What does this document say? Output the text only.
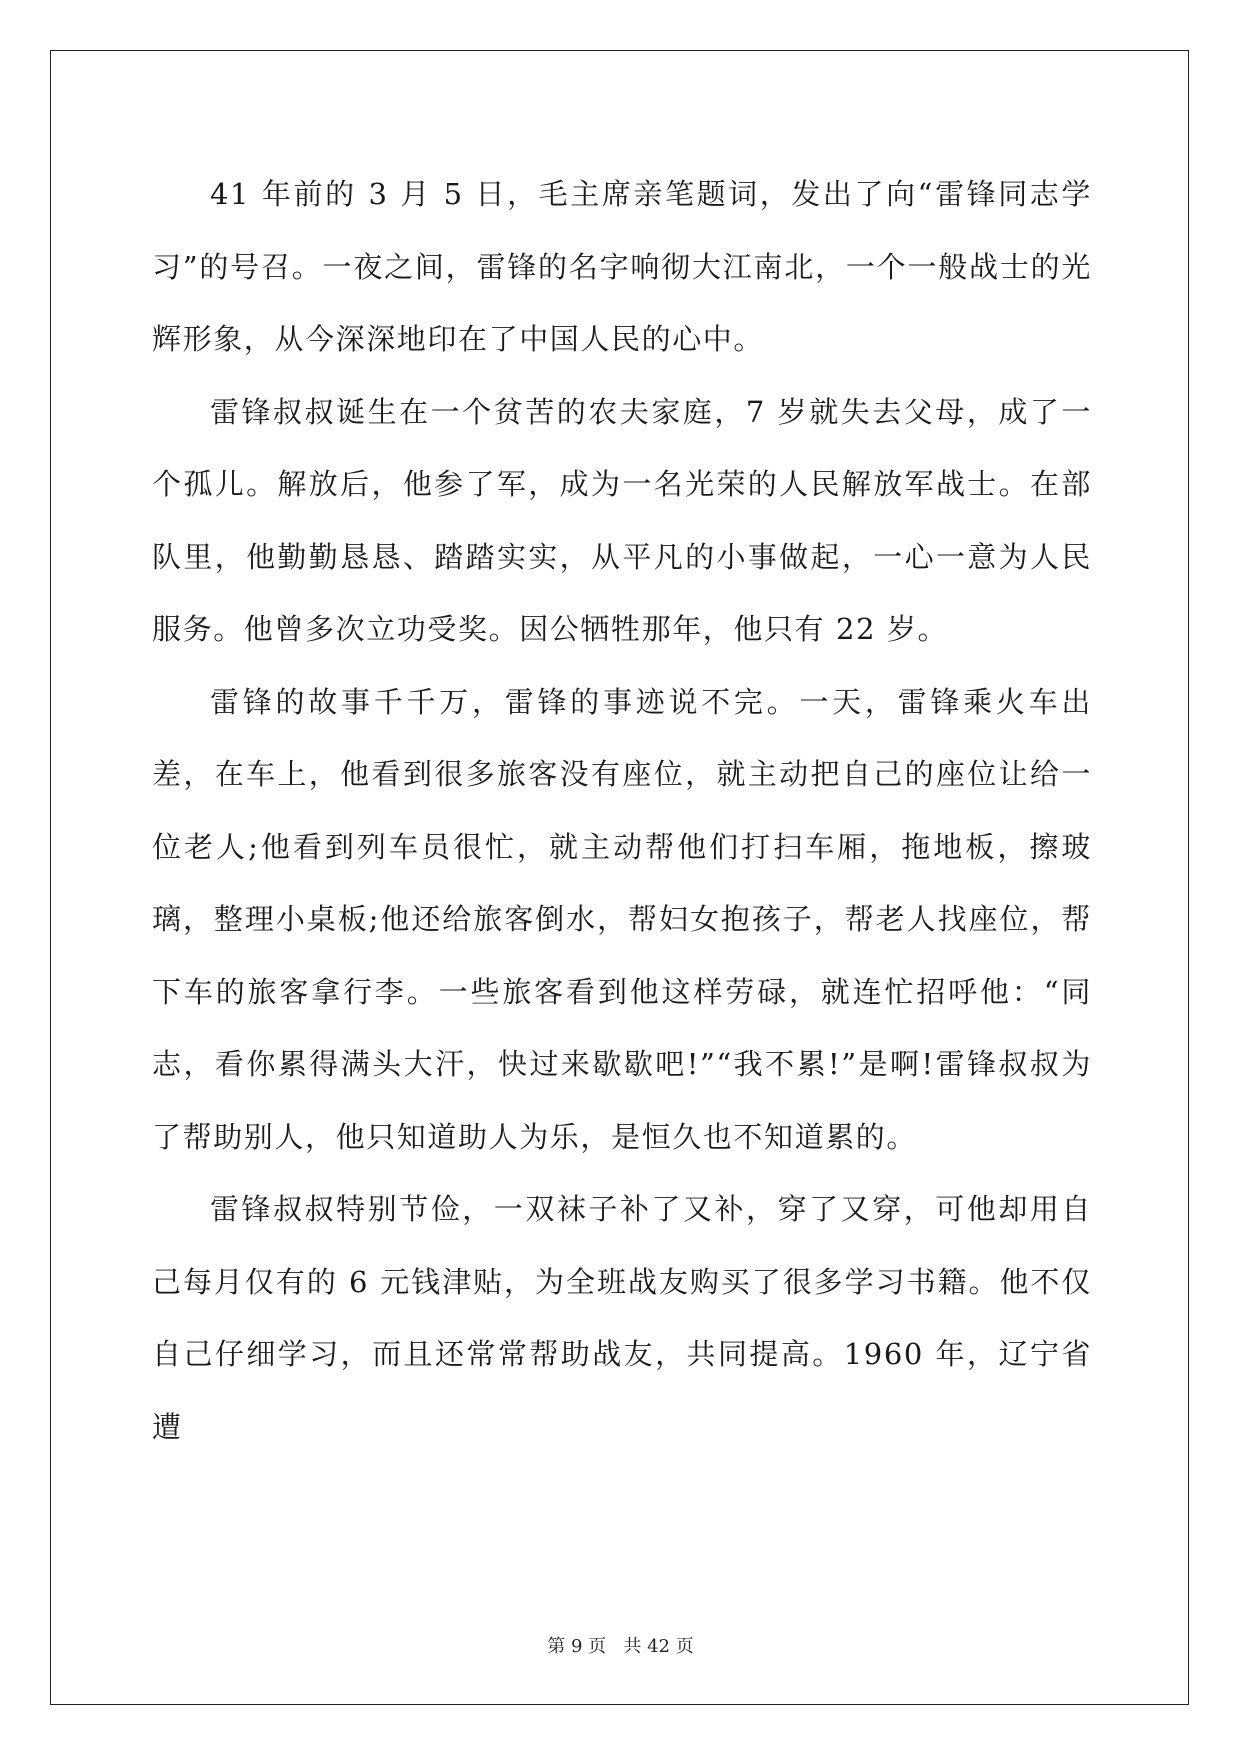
41 年前的 3 月 5 日，毛主席亲笔题词，发出了向“雷锋同志学习”的号召。一夜之间，雷锋的名字响彻大江南北，一个一般战士的光辉形象，从今深深地印在了中国人民的心中。

雷锋叔叔诞生在一个贫苦的农夫家庭，7 岁就失去父母，成了一个孤儿。解放后，他参了军，成为一名光荣的人民解放军战士。在部队里，他勤勤恳恳、踏踏实实，从平凡的小事做起，一心一意为人民服务。他曾多次立功受奖。因公牺牲那年，他只有 22 岁。

雷锋的故事千千万，雷锋的事迹说不完。一天，雷锋乘火车出差，在车上，他看到很多旅客没有座位，就主动把自己的座位让给一位老人;他看到列车员很忙，就主动帮他们打扫车厢，拖地板，擦玻璃，整理小桌板;他还给旅客倒水，帮妇女抱孩子，帮老人找座位，帮下车的旅客拿行李。一些旅客看到他这样劳碌，就连忙招呼他：“同志，看你累得满头大汗，快过来歇歇吧!”“我不累!”是啊!雷锋叔叔为了帮助别人，他只知道助人为乐，是恒久也不知道累的。

雷锋叔叔特别节俭，一双袜子补了又补，穿了又穿，可他却用自己每月仅有的 6 元钱津贴，为全班战友购买了很多学习书籍。他不仅自己仔细学习，而且还常常帮助战友，共同提高。1960 年，辽宁省遭

第 9 页   共 42 页
